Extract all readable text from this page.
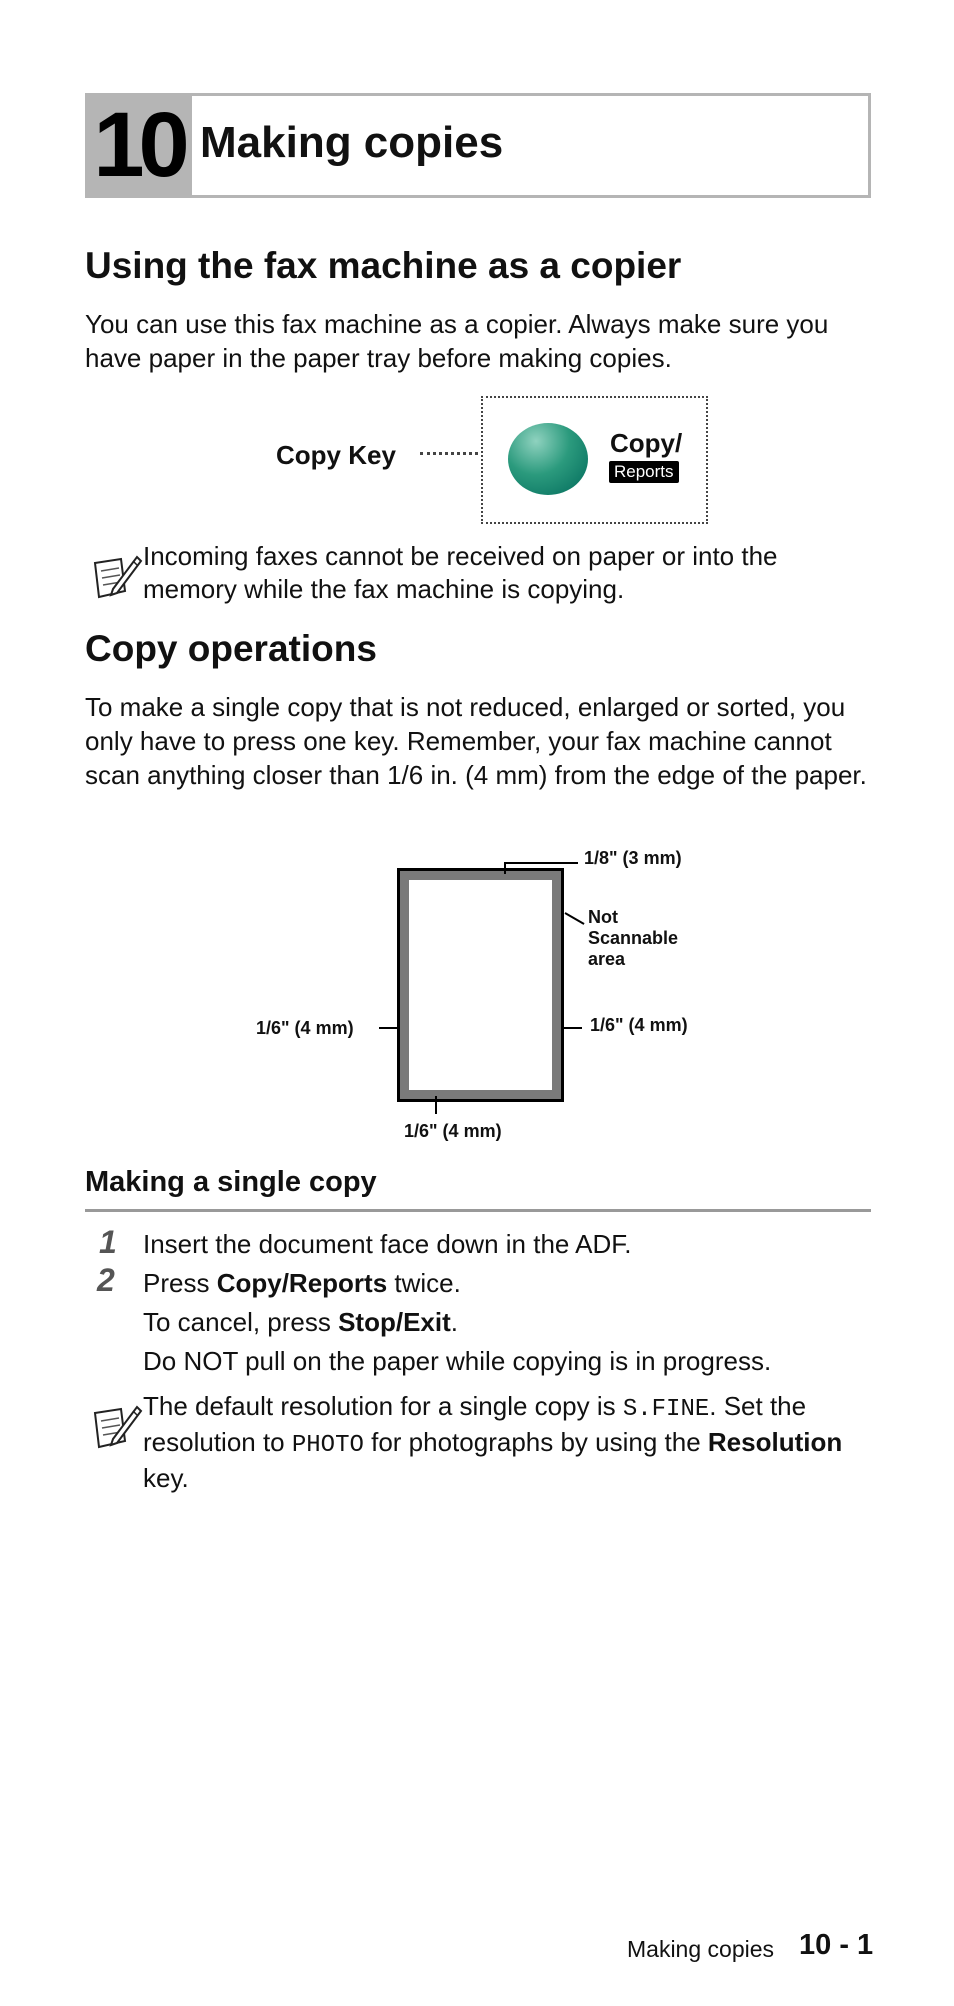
10 Making copies
Using the fax machine as a copier
You can use this fax machine as a copier. Always make sure you have paper in the paper tray before making copies.
Copy Key	Copy/
Reports
Incoming faxes cannot be received on paper or into the memory while the fax machine is copying.
Copy operations
To make a single copy that is not reduced, enlarged or sorted, you only have to press one key. Remember, your fax machine cannot scan anything closer than 1/6 in. (4 mm) from the edge of the paper.
1/8" (3 mm)
Not
Scannable
area
1/6" (4 mm)	1/6" (4 mm)
1/6" (4 mm)
Making a single copy
1 Insert the document face down in the ADF.
2 Press Copy/Reports twice.
To cancel, press Stop/Exit.
Do NOT pull on the paper while copying is in progress.
The default resolution for a single copy is S.FINE. Set the resolution to PHOTO for photographs by using the Resolution key.
Making copies 10 - 1
